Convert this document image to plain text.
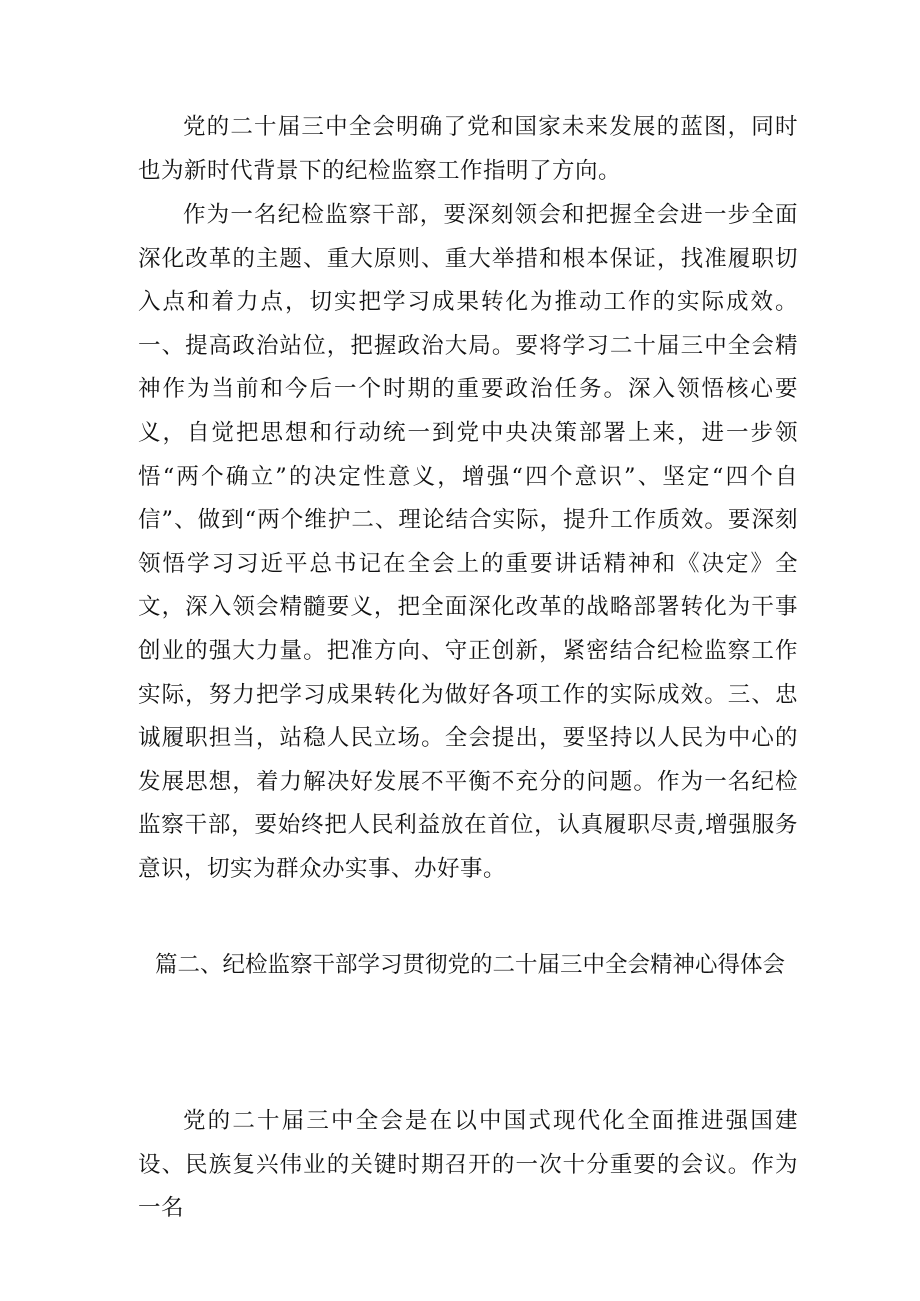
党的二十届三中全会明确了党和国家未来发展的蓝图，同时也为新时代背景下的纪检监察工作指明了方向。

作为一名纪检监察干部，要深刻领会和把握全会进一步全面深化改革的主题、重大原则、重大举措和根本保证，找准履职切入点和着力点，切实把学习成果转化为推动工作的实际成效。一、提高政治站位，把握政治大局。要将学习二十届三中全会精神作为当前和今后一个时期的重要政治任务。深入领悟核心要义，自觉把思想和行动统一到党中央决策部署上来，进一步领悟“两个确立”的决定性意义，增强“四个意识”、坚定“四个自信”、做到“两个维护二、理论结合实际，提升工作质效。要深刻领悟学习习近平总书记在全会上的重要讲话精神和《决定》全文，深入领会精髓要义，把全面深化改革的战略部署转化为干事创业的强大力量。把准方向、守正创新，紧密结合纪检监察工作实际，努力把学习成果转化为做好各项工作的实际成效。三、忠诚履职担当，站稳人民立场。全会提出，要坚持以人民为中心的发展思想，着力解决好发展不平衡不充分的问题。作为一名纪检监察干部，要始终把人民利益放在首位，认真履职尽责,增强服务意识，切实为群众办实事、办好事。

篇二、纪检监察干部学习贯彻党的二十届三中全会精神心得体会

党的二十届三中全会是在以中国式现代化全面推进强国建设、民族复兴伟业的关键时期召开的一次十分重要的会议。作为一名
